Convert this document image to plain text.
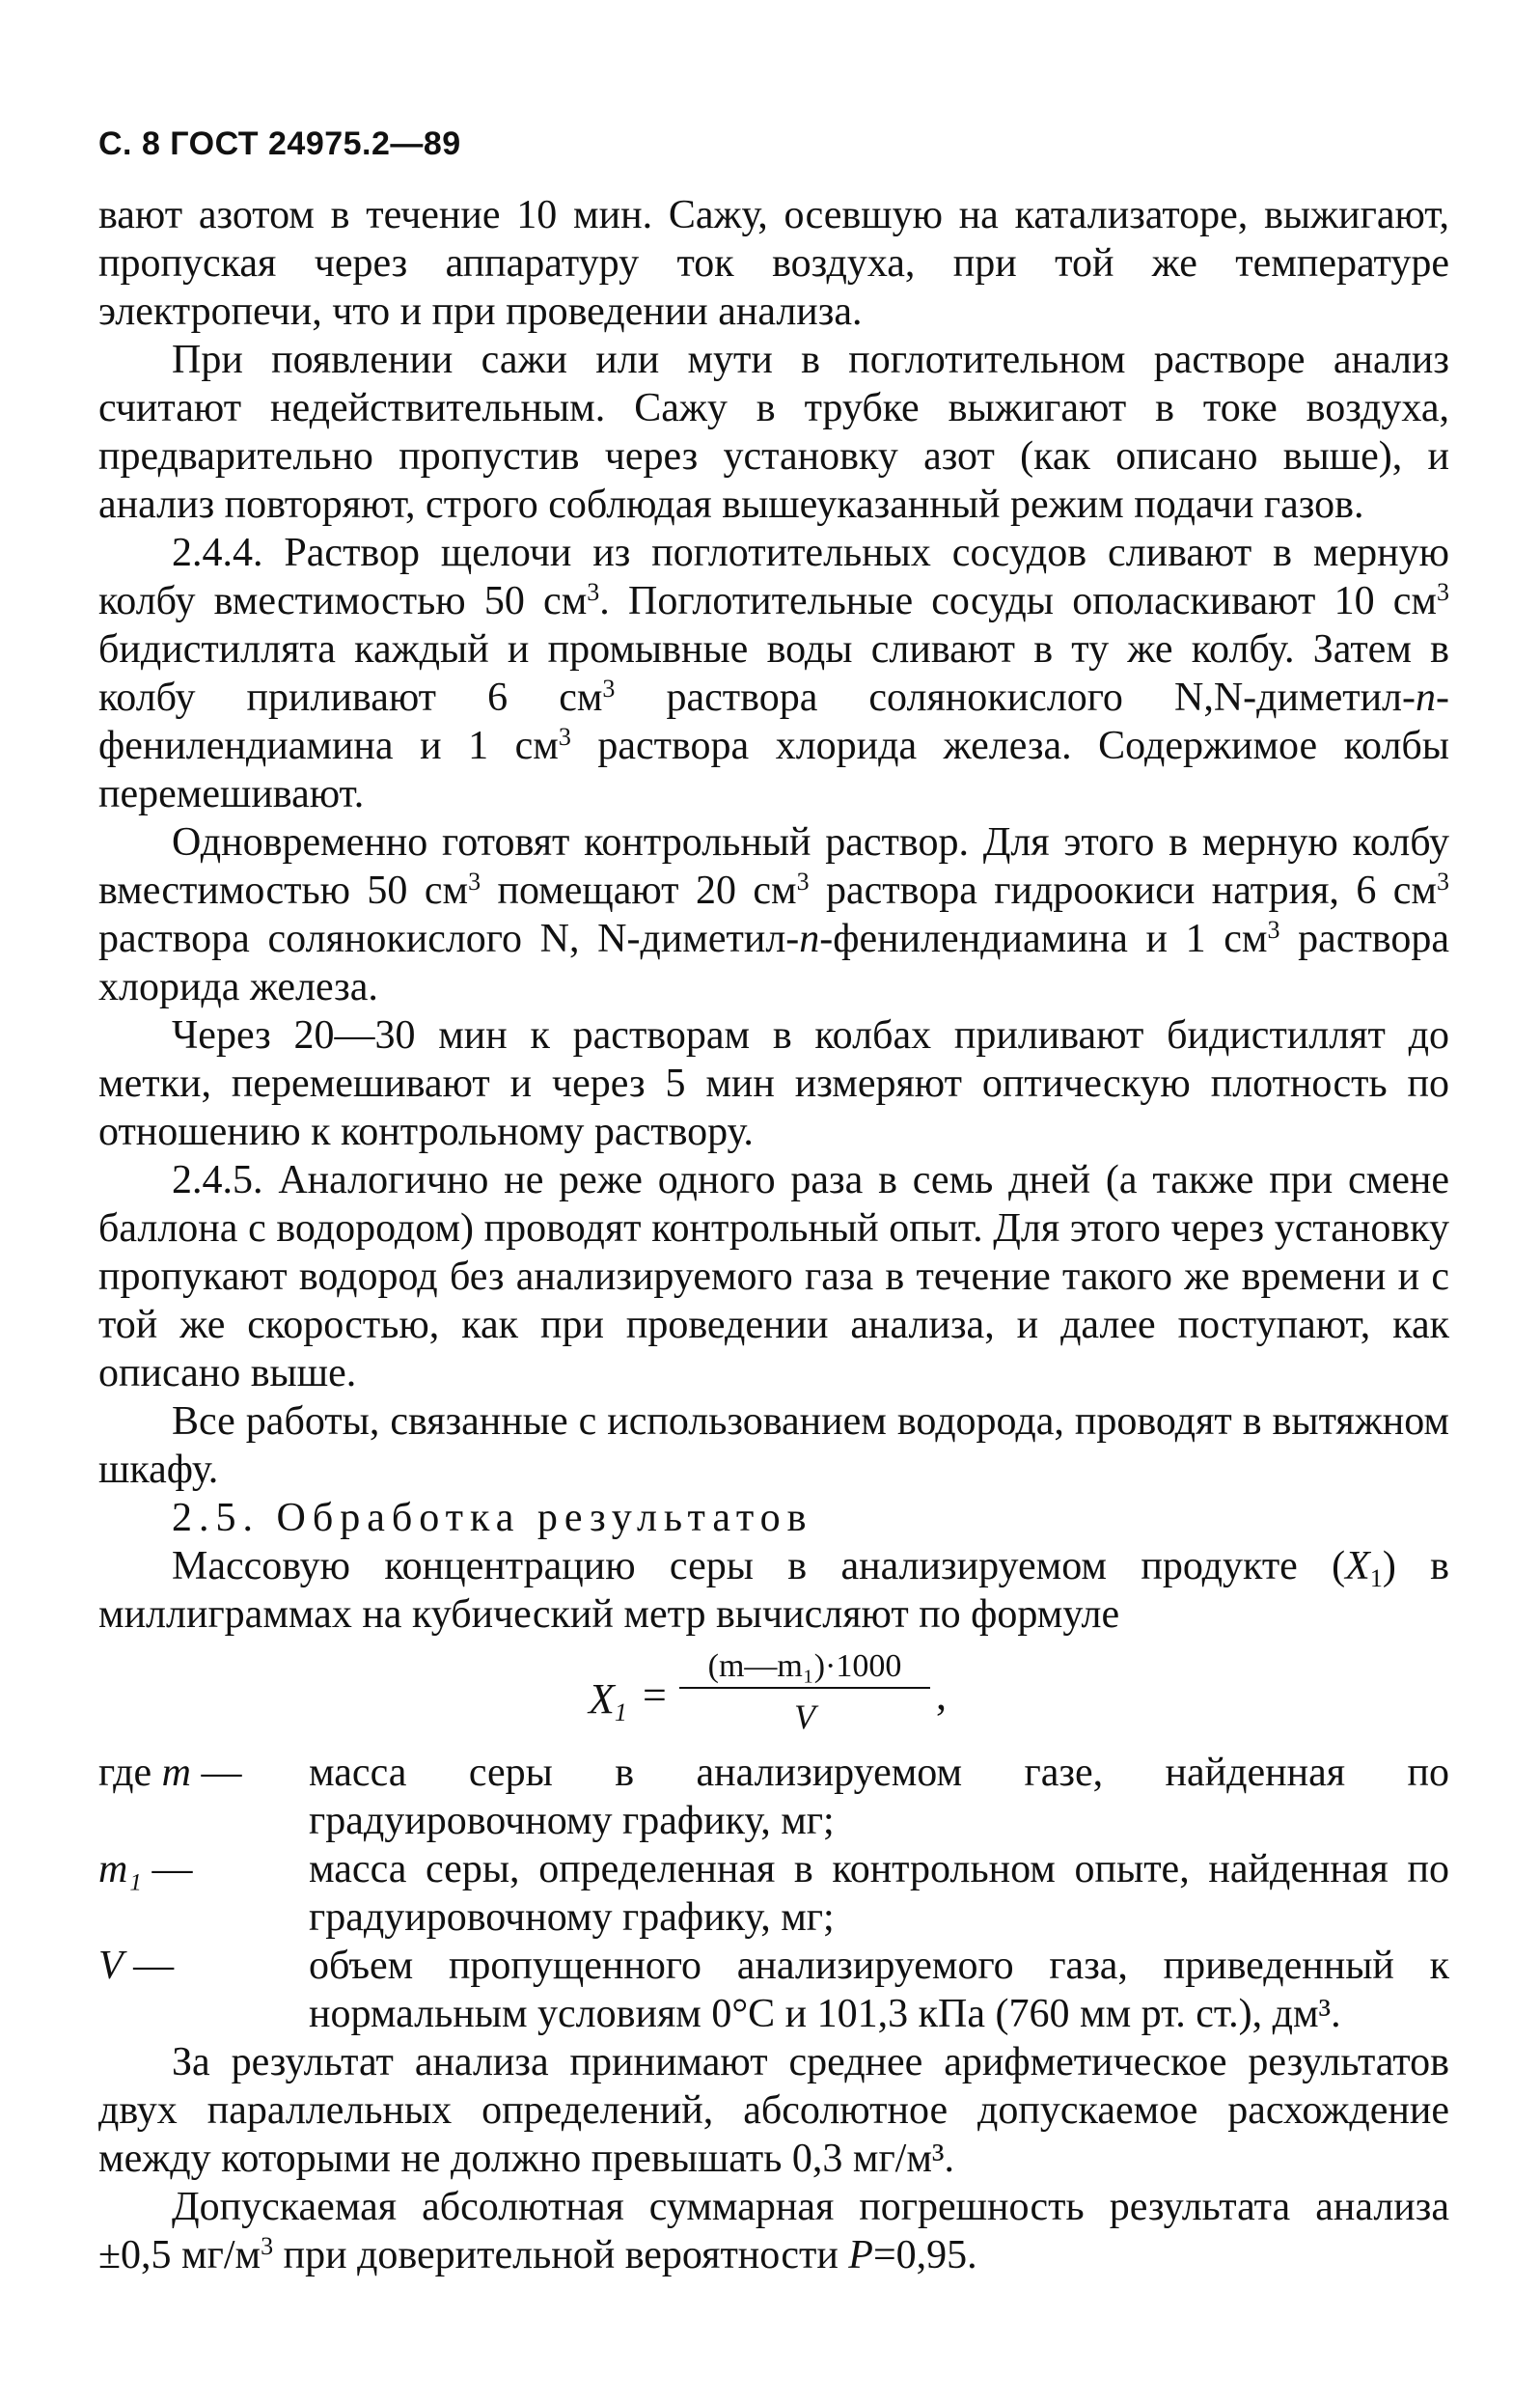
С. 8 ГОСТ 24975.2—89

вают азотом в течение 10 мин. Сажу, осевшую на катализаторе, выжигают, пропуская через аппаратуру ток воздуха, при той же температуре электропечи, что и при проведении анализа.

При появлении сажи или мути в поглотительном растворе анализ считают недействительным. Сажу в трубке выжигают в токе воздуха, предварительно пропустив через установку азот (как описано выше), и анализ повторяют, строго соблюдая вышеуказанный режим подачи газов.

2.4.4. Раствор щелочи из поглотительных сосудов сливают в мерную колбу вместимостью 50 $см^3$. Поглотительные сосуды ополаскивают 10 $см^3$ бидистиллята каждый и промывные воды сливают в ту же колбу. Затем в колбу приливают 6 $см^3$ раствора солянокислого N,N-диметил-n-фенилендиамина и 1 $см^3$ раствора хлорида железа. Содержимое колбы перемешивают.

Одновременно готовят контрольный раствор. Для этого в мерную колбу вместимостью 50 $см^3$ помещают 20 $см^3$ раствора гидроокиси натрия, 6 $см^3$ раствора солянокислого N, N-диметил-n-фенилендиамина и 1 $см^3$ раствора хлорида железа.

Через 20—30 мин к растворам в колбах приливают бидистиллят до метки, перемешивают и через 5 мин измеряют оптическую плотность по отношению к контрольному раствору.

2.4.5. Аналогично не реже одного раза в семь дней (а также при смене баллона с водородом) проводят контрольный опыт. Для этого через установку пропукают водород без анализируемого газа в течение такого же времени и с той же скоростью, как при проведении анализа, и далее поступают, как описано выше.

Все работы, связанные с использованием водорода, проводят в вытяжном шкафу.

2.5. Обработка результатов

Массовую концентрацию серы в анализируемом продукте $(X_1)$ в миллиграммах на кубический метр вычисляют по формуле

$X_1$ =
(m—m₁)·1000
V	,
где m —	масса серы в анализируемом газе, найденная по градуировочному графику, мг;
m₁ —	масса серы, определенная в контрольном опыте, найденная по градуировочному графику, мг;
V —	объем пропущенного анализируемого газа, приведенный к нормальным условиям 0°С и 101,3 кПа (760 мм рт. ст.), дм³.

За результат анализа принимают среднее арифметическое результатов двух параллельных определений, абсолютное допускаемое расхождение между которыми не должно превышать 0,3 мг/м³.

Допускаемая абсолютная суммарная погрешность результата анализа ±0,5 $мг/м^3$ при доверительной вероятности P=0,95.
